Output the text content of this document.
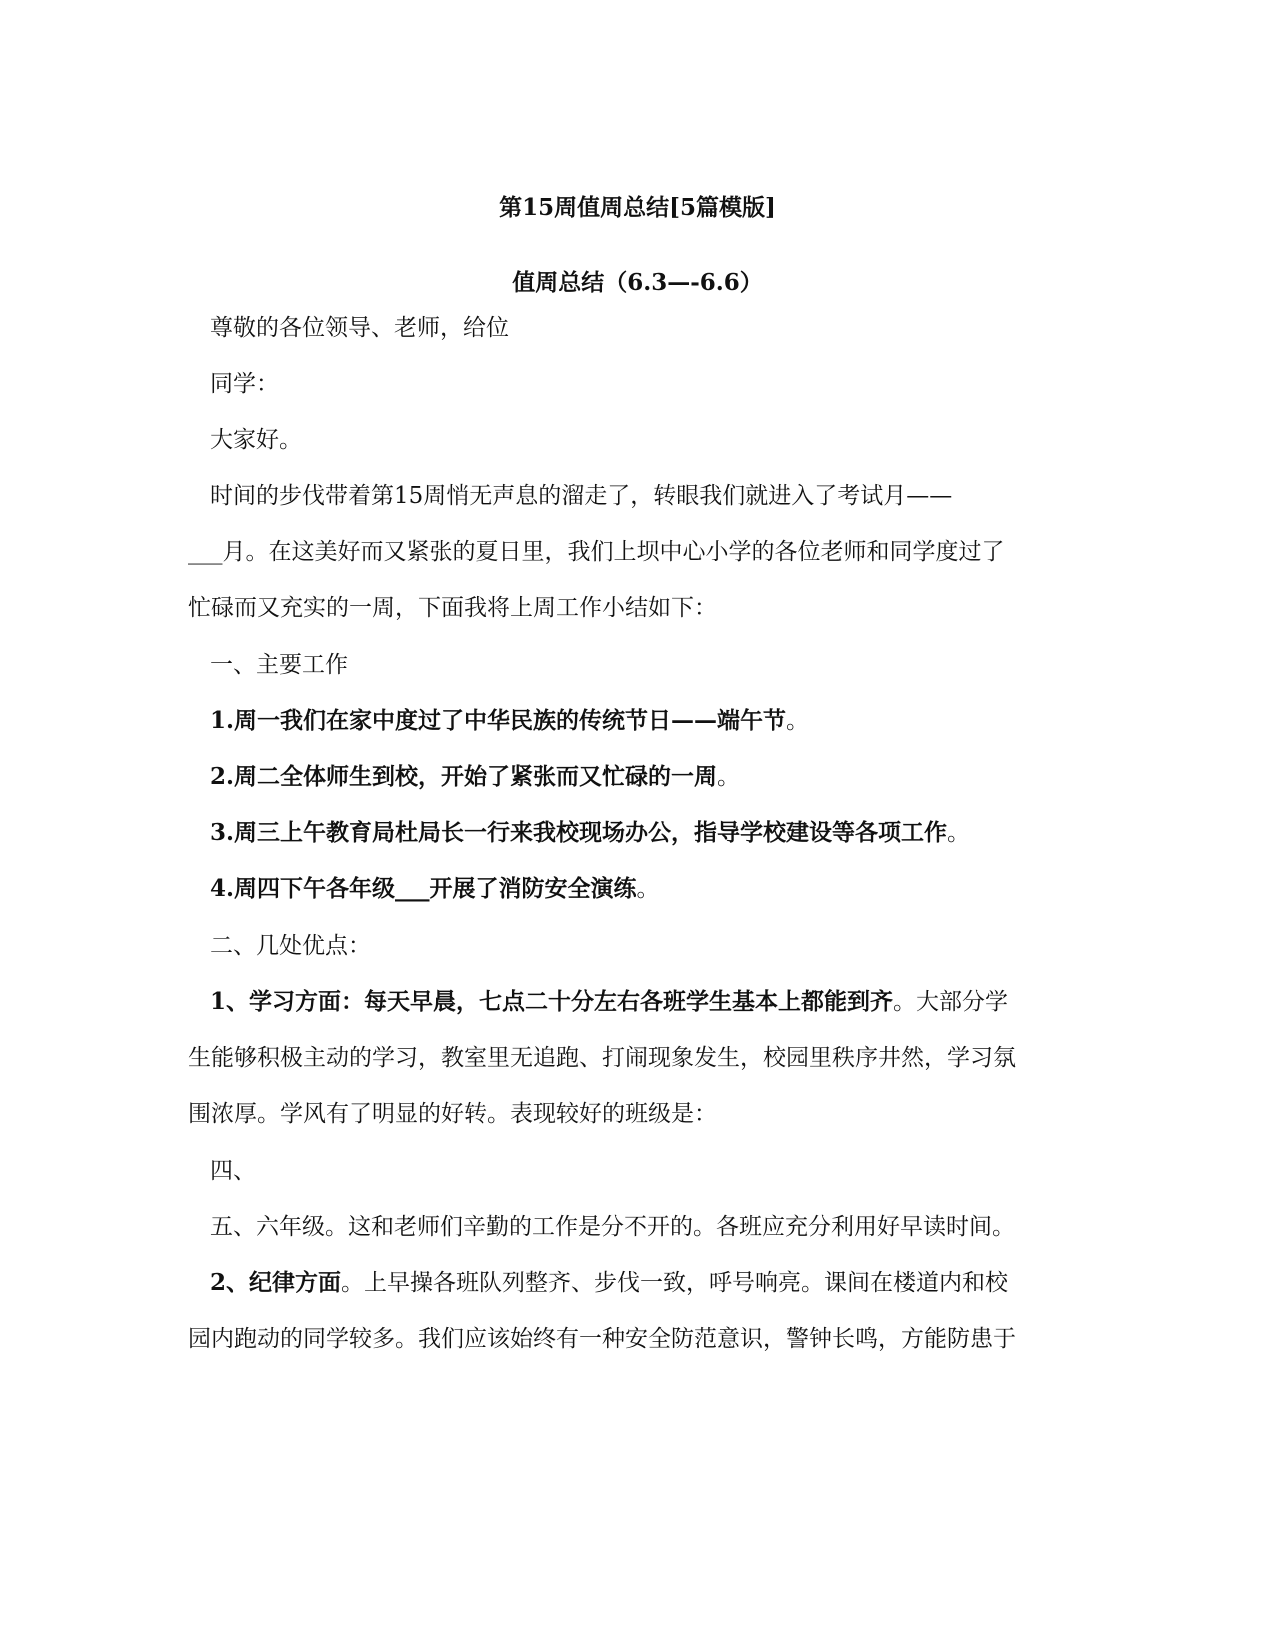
第15周值周总结[5篇模版]
值周总结（6.3—-6.6）
尊敬的各位领导、老师，给位
同学：
大家好。
时间的步伐带着第15周悄无声息的溜走了，转眼我们就进入了考试月——
___月。在这美好而又紧张的夏日里，我们上坝中心小学的各位老师和同学度过了
忙碌而又充实的一周，下面我将上周工作小结如下：
一、主要工作
1.周一我们在家中度过了中华民族的传统节日——端午节。
2.周二全体师生到校，开始了紧张而又忙碌的一周。
3.周三上午教育局杜局长一行来我校现场办公，指导学校建设等各项工作。
4.周四下午各年级___开展了消防安全演练。
二、几处优点：
1、学习方面：每天早晨，七点二十分左右各班学生基本上都能到齐。大部分学
生能够积极主动的学习，教室里无追跑、打闹现象发生，校园里秩序井然，学习氛
围浓厚。学风有了明显的好转。表现较好的班级是：
四、
五、六年级。这和老师们辛勤的工作是分不开的。各班应充分利用好早读时间。
2、纪律方面。上早操各班队列整齐、步伐一致，呼号响亮。课间在楼道内和校
园内跑动的同学较多。我们应该始终有一种安全防范意识，警钟长鸣，方能防患于
